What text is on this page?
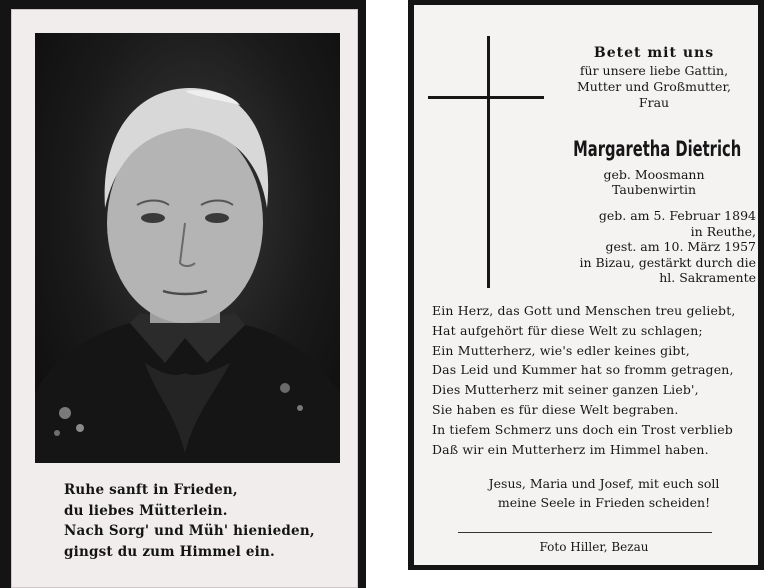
Ruhe sanft in Frieden,
du liebes Mütterlein.
Nach Sorg' und Müh' hienieden,
gingst du zum Himmel ein.
Betet mit uns
für unsere liebe Gattin,
Mutter und Großmutter,
Frau
Margaretha Dietrich
geb. Moosmann
Taubenwirtin
geb. am 5. Februar 1894
in Reuthe,
gest. am 10. März 1957
in Bizau, gestärkt durch die
hl. Sakramente
Ein Herz, das Gott und Menschen treu geliebt,
Hat aufgehört für diese Welt zu schlagen;
Ein Mutterherz, wie's edler keines gibt,
Das Leid und Kummer hat so fromm getragen,
Dies Mutterherz mit seiner ganzen Lieb',
Sie haben es für diese Welt begraben.
In tiefem Schmerz uns doch ein Trost verblieb
Daß wir ein Mutterherz im Himmel haben.
Jesus, Maria und Josef, mit euch soll
meine Seele in Frieden scheiden!
Foto Hiller, Bezau
